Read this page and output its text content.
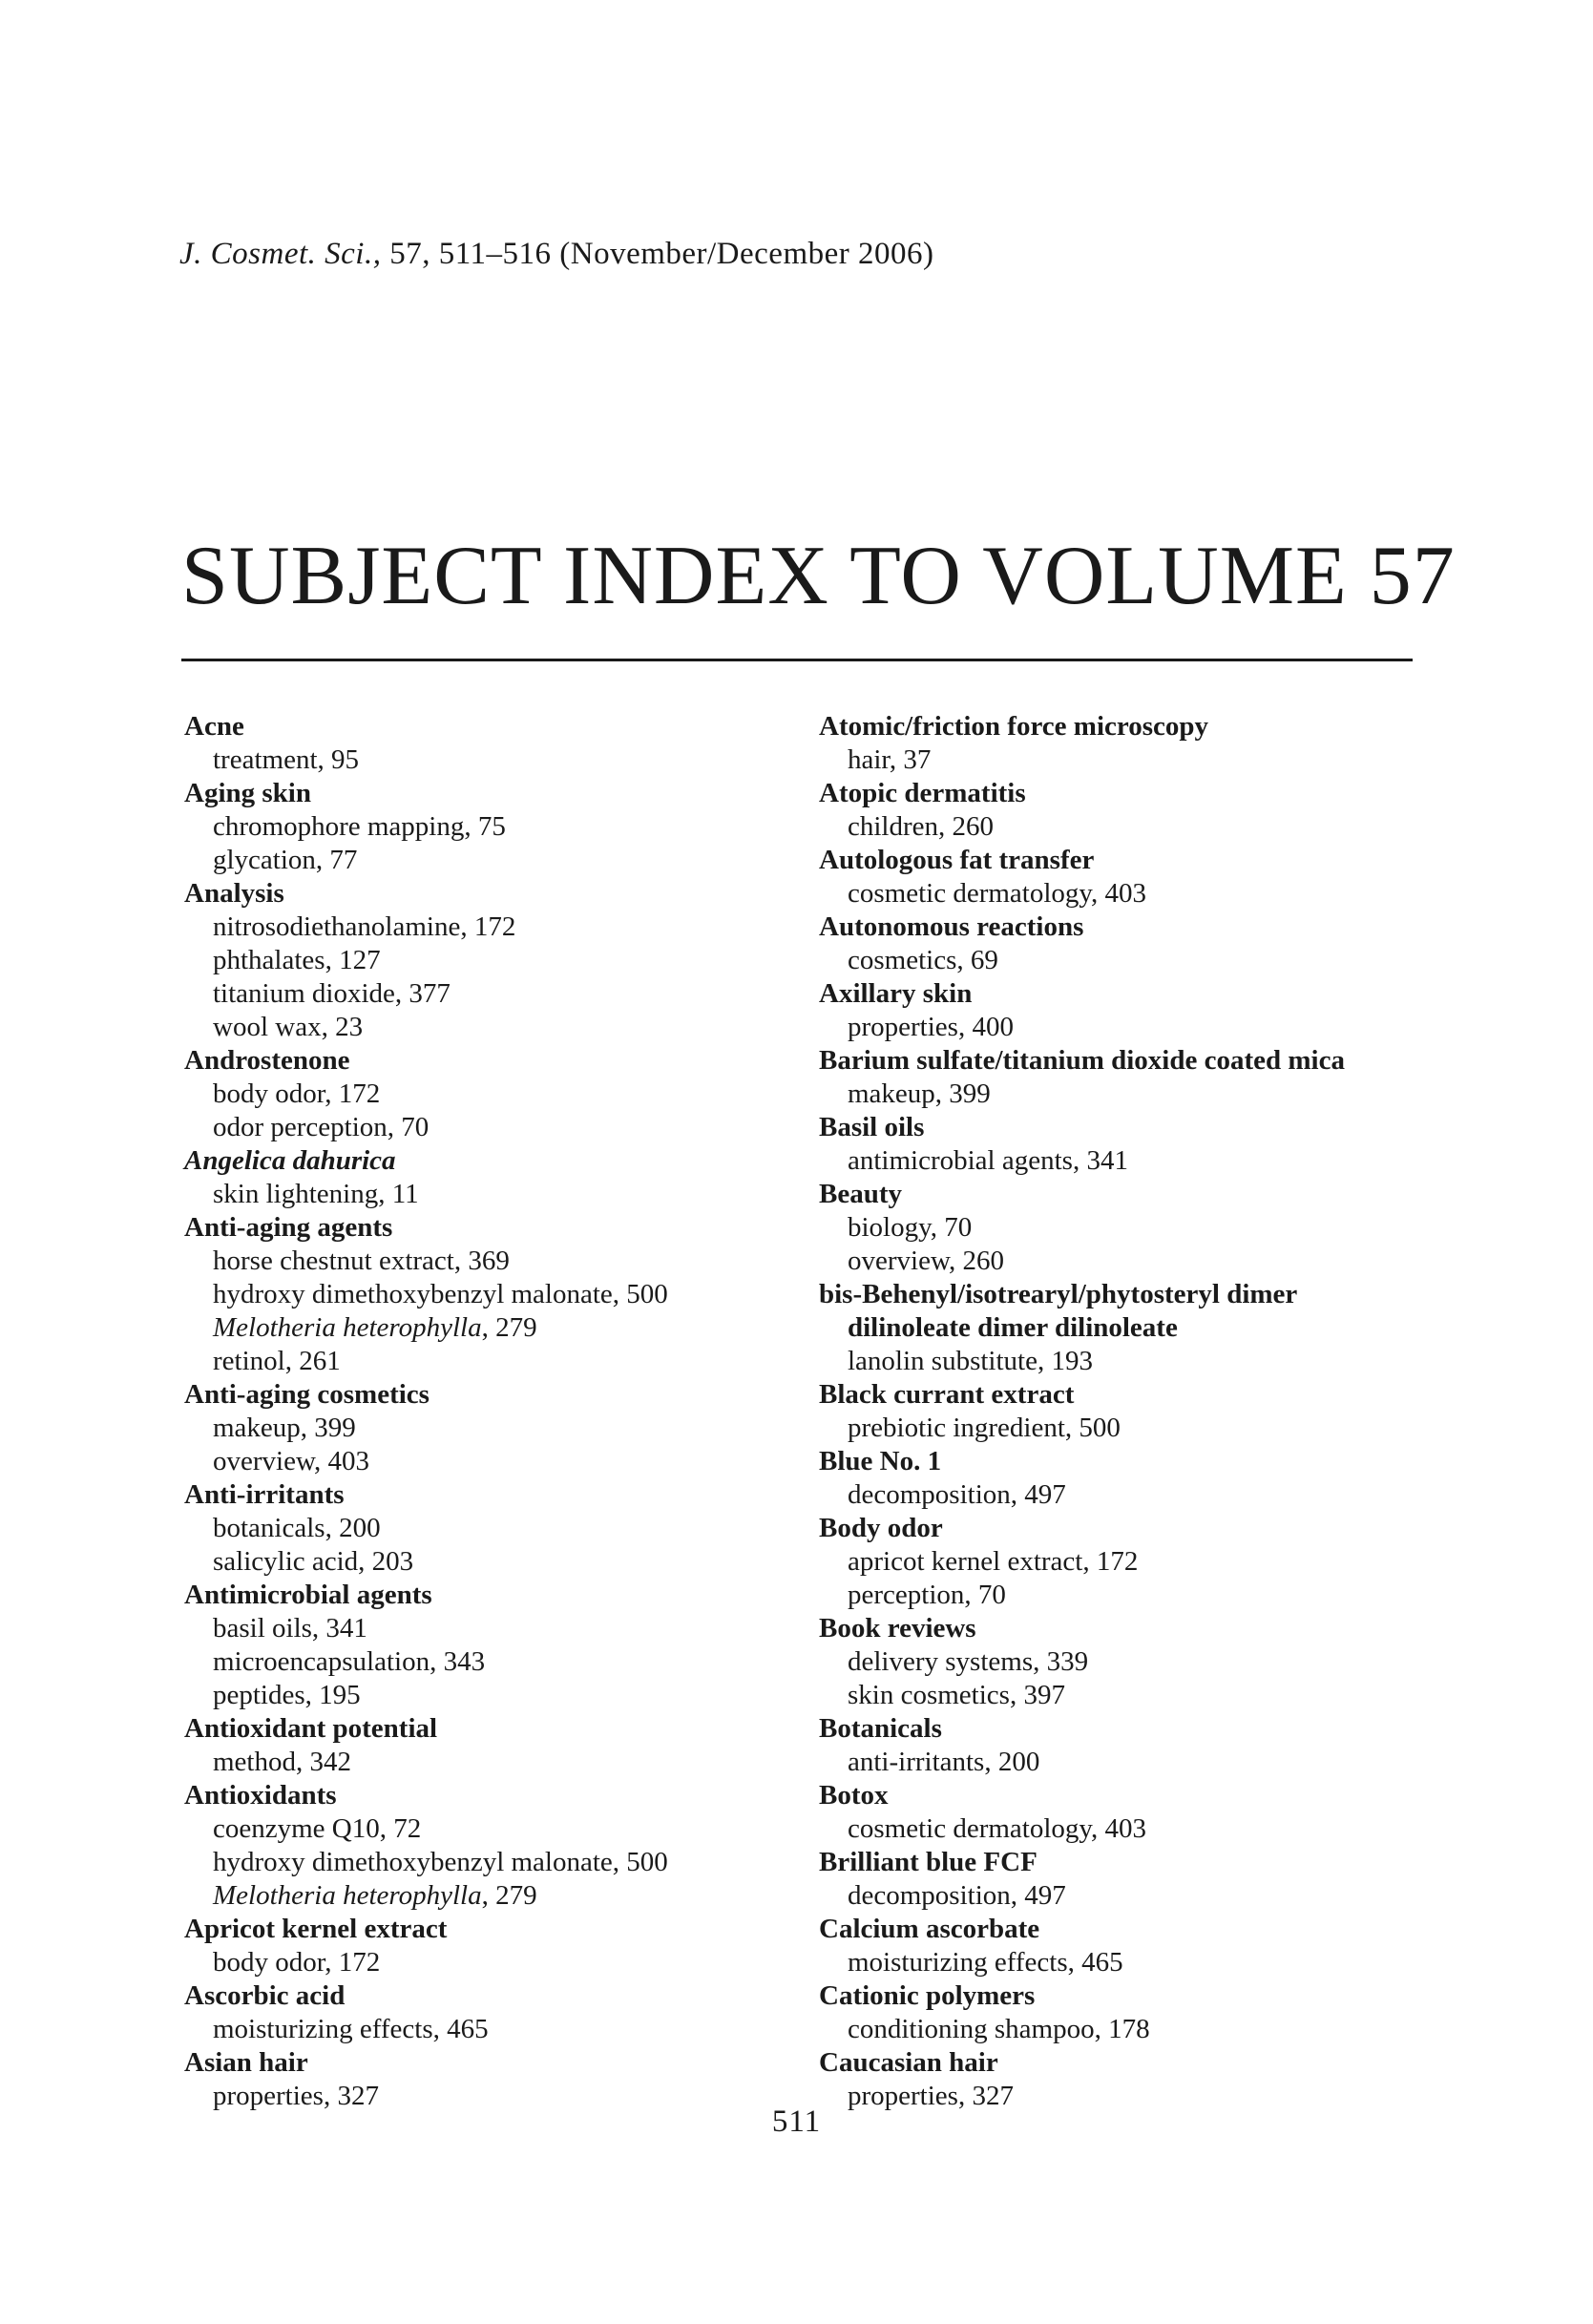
J. Cosmet. Sci., 57, 511–516 (November/December 2006)
SUBJECT INDEX TO VOLUME 57
Acne
treatment, 95
Aging skin
chromophore mapping, 75
glycation, 77
Analysis
nitrosodiethanolamine, 172
phthalates, 127
titanium dioxide, 377
wool wax, 23
Androstenone
body odor, 172
odor perception, 70
Angelica dahurica
skin lightening, 11
Anti-aging agents
horse chestnut extract, 369
hydroxy dimethoxybenzyl malonate, 500
Melotheria heterophylla, 279
retinol, 261
Anti-aging cosmetics
makeup, 399
overview, 403
Anti-irritants
botanicals, 200
salicylic acid, 203
Antimicrobial agents
basil oils, 341
microencapsulation, 343
peptides, 195
Antioxidant potential
method, 342
Antioxidants
coenzyme Q10, 72
hydroxy dimethoxybenzyl malonate, 500
Melotheria heterophylla, 279
Apricot kernel extract
body odor, 172
Ascorbic acid
moisturizing effects, 465
Asian hair
properties, 327
Atomic/friction force microscopy
hair, 37
Atopic dermatitis
children, 260
Autologous fat transfer
cosmetic dermatology, 403
Autonomous reactions
cosmetics, 69
Axillary skin
properties, 400
Barium sulfate/titanium dioxide coated mica
makeup, 399
Basil oils
antimicrobial agents, 341
Beauty
biology, 70
overview, 260
bis-Behenyl/isotrearyl/phytosteryl dimer
dilinoleate dimer dilinoleate
lanolin substitute, 193
Black currant extract
prebiotic ingredient, 500
Blue No. 1
decomposition, 497
Body odor
apricot kernel extract, 172
perception, 70
Book reviews
delivery systems, 339
skin cosmetics, 397
Botanicals
anti-irritants, 200
Botox
cosmetic dermatology, 403
Brilliant blue FCF
decomposition, 497
Calcium ascorbate
moisturizing effects, 465
Cationic polymers
conditioning shampoo, 178
Caucasian hair
properties, 327
511
